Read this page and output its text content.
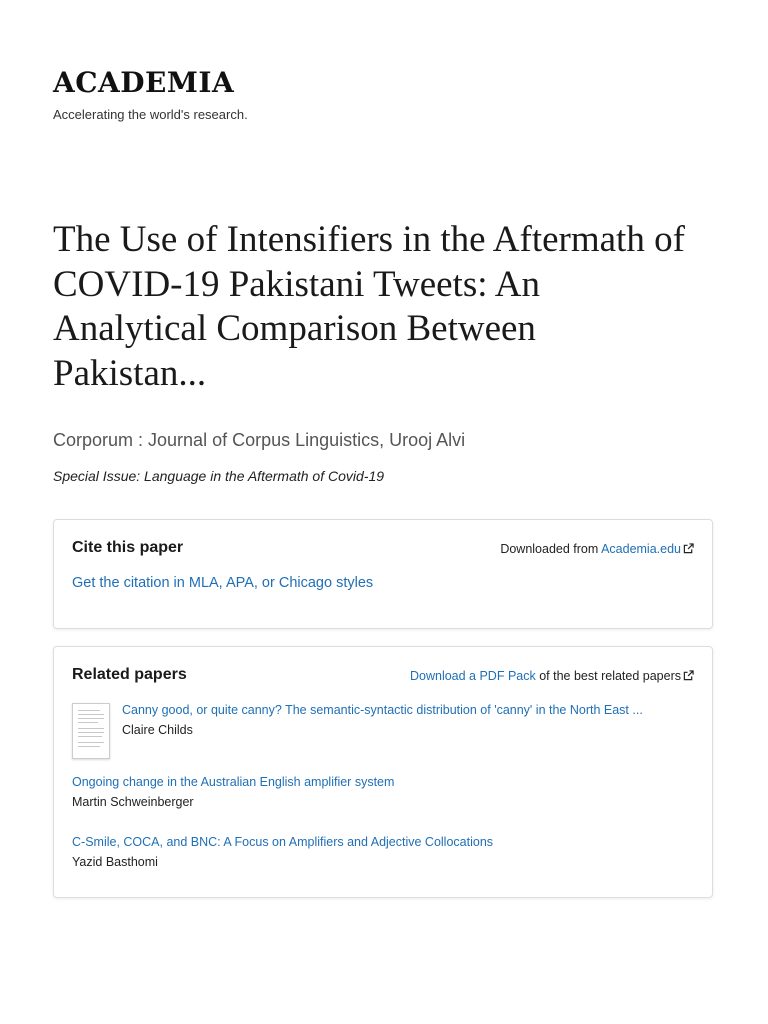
ACADEMIA
Accelerating the world's research.
The Use of Intensifiers in the Aftermath of COVID-19 Pakistani Tweets: An Analytical Comparison Between Pakistan...
Corporum : Journal of Corpus Linguistics, Urooj Alvi
Special Issue: Language in the Aftermath of Covid-19
Cite this paper	Downloaded from Academia.edu
Get the citation in MLA, APA, or Chicago styles
Related papers	Download a PDF Pack of the best related papers
Canny good, or quite canny? The semantic-syntactic distribution of 'canny' in the North East ...
Claire Childs
Ongoing change in the Australian English amplifier system
Martin Schweinberger
C-Smile, COCA, and BNC: A Focus on Amplifiers and Adjective Collocations
Yazid Basthomi
